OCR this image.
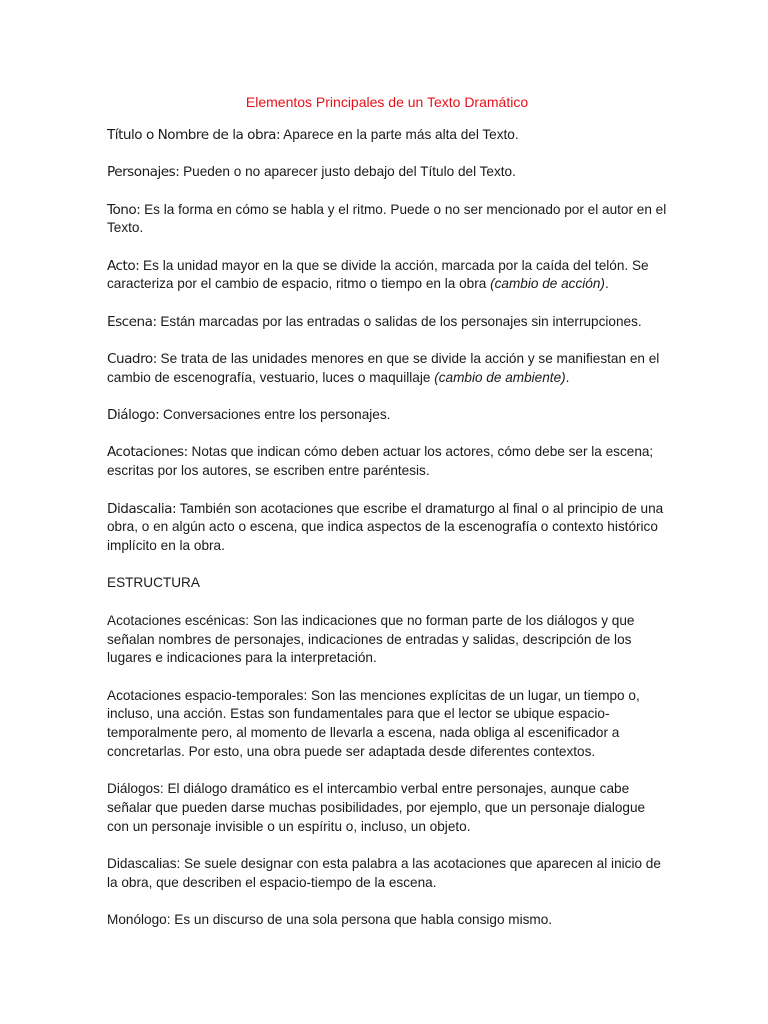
Elementos Principales de un Texto Dramático

Título o Nombre de la obra : Aparece en la parte más alta del Texto.

Personajes : Pueden o no aparecer justo debajo del Título del Texto.

Tono : Es la forma en cómo se habla y el ritmo. Puede o no ser mencionado por el autor en el Texto.

Acto : Es la unidad mayor en la que se divide la acción, marcada por la caída del telón. Se caracteriza por el cambio de espacio, ritmo o tiempo en la obra (cambio de acción).

Escena : Están marcadas por las entradas o salidas de los personajes sin interrupciones.

Cuadro : Se trata de las unidades menores en que se divide la acción y se manifiestan en el cambio de escenografía, vestuario, luces o maquillaje (cambio de ambiente).

Diálogo : Conversaciones entre los personajes.

Acotaciones : Notas que indican cómo deben actuar los actores, cómo debe ser la escena; escritas por los autores, se escriben entre paréntesis.

Didascalia : También son acotaciones que escribe el dramaturgo al final o al principio de una obra, o en algún acto o escena, que indica aspectos de la escenografía o contexto histórico implícito en la obra.

ESTRUCTURA

Acotaciones escénicas: Son las indicaciones que no forman parte de los diálogos y que señalan nombres de personajes, indicaciones de entradas y salidas, descripción de los lugares e indicaciones para la interpretación.

Acotaciones espacio-temporales: Son las menciones explícitas de un lugar, un tiempo o, incluso, una acción. Estas son fundamentales para que el lector se ubique espacio-temporalmente pero, al momento de llevarla a escena, nada obliga al escenificador a concretarlas. Por esto, una obra puede ser adaptada desde diferentes contextos.

Diálogos: El diálogo dramático es el intercambio verbal entre personajes, aunque cabe señalar que pueden darse muchas posibilidades, por ejemplo, que un personaje dialogue con un personaje invisible o un espíritu o, incluso, un objeto.

Didascalias: Se suele designar con esta palabra a las acotaciones que aparecen al inicio de la obra, que describen el espacio-tiempo de la escena.

Monólogo: Es un discurso de una sola persona que habla consigo mismo.
